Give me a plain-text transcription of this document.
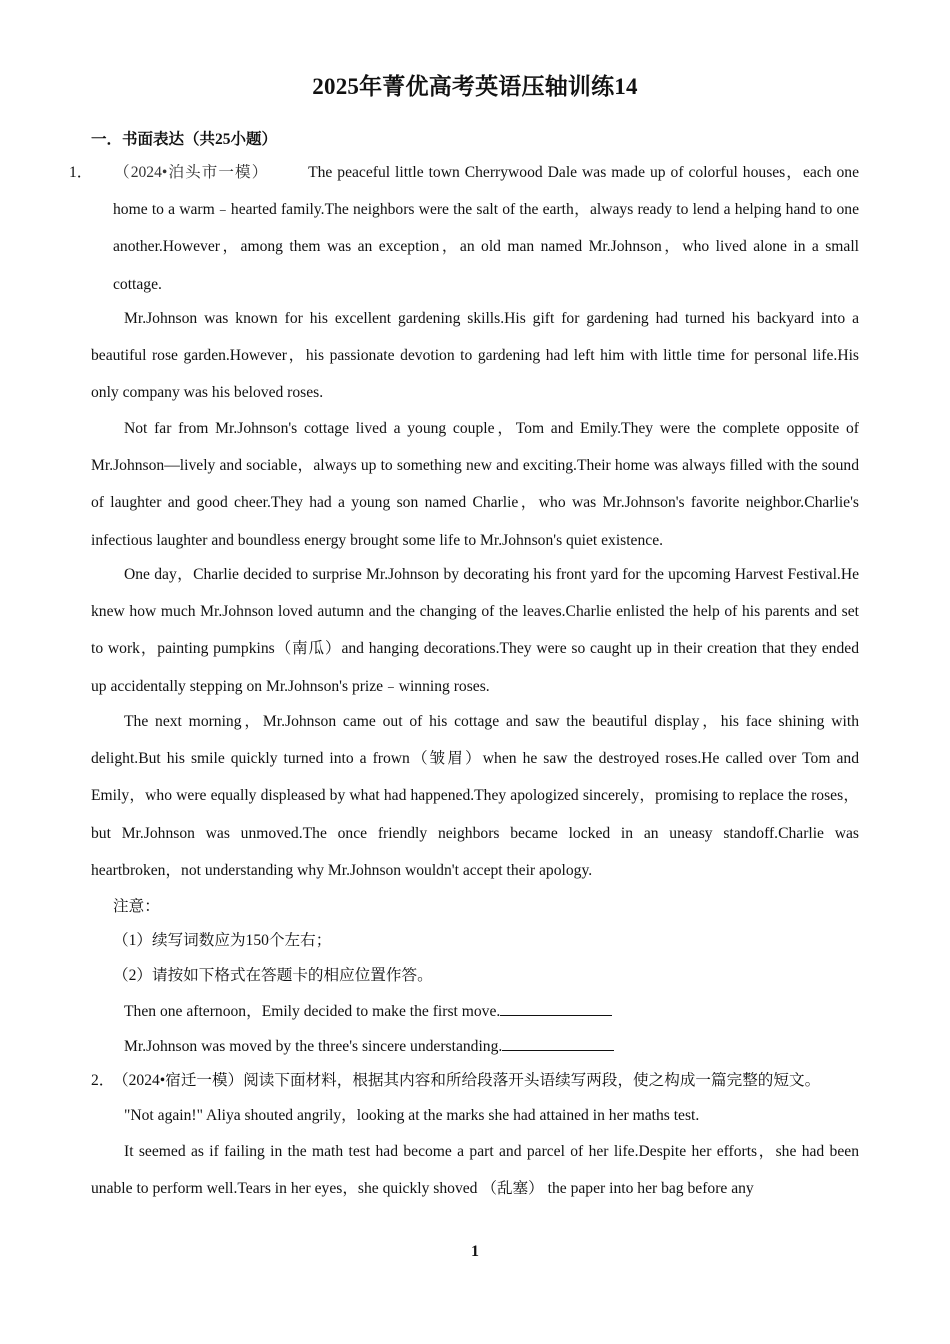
2025年菁优高考英语压轴训练14
一．书面表达（共25小题）
1． （2024•泊头市一模）	The peaceful little town Cherrywood Dale was made up of colorful houses，each one home to a warm﹣hearted family.The neighbors were the salt of the earth，always ready to lend a helping hand to one another.However，among them was an exception，an old man named Mr.Johnson，who lived alone in a small cottage.
Mr.Johnson was known for his excellent gardening skills.His gift for gardening had turned his backyard into a beautiful rose garden.However，his passionate devotion to gardening had left him with little time for personal life.His only company was his beloved roses.
Not far from Mr.Johnson's cottage lived a young couple，Tom and Emily.They were the complete opposite of Mr.Johnson—lively and sociable，always up to something new and exciting.Their home was always filled with the sound of laughter and good cheer.They had a young son named Charlie，who was Mr.Johnson's favorite neighbor.Charlie's infectious laughter and boundless energy brought some life to Mr.Johnson's quiet existence.
One day，Charlie decided to surprise Mr.Johnson by decorating his front yard for the upcoming Harvest Festival.He knew how much Mr.Johnson loved autumn and the changing of the leaves.Charlie enlisted the help of his parents and set to work，painting pumpkins（南瓜）and hanging decorations.They were so caught up in their creation that they ended up accidentally stepping on Mr.Johnson's prize﹣winning roses.
The next morning，Mr.Johnson came out of his cottage and saw the beautiful display，his face shining with delight.But his smile quickly turned into a frown（皱眉）when he saw the destroyed roses.He called over Tom and Emily，who were equally displeased by what had happened.They apologized sincerely，promising to replace the roses，but Mr.Johnson was unmoved.The once friendly neighbors became locked in an uneasy standoff.Charlie was heartbroken，not understanding why Mr.Johnson wouldn't accept their apology.
注意：
（1）续写词数应为150个左右；
（2）请按如下格式在答题卡的相应位置作答。
Then one afternoon，Emily decided to make the first move.
Mr.Johnson was moved by the three's sincere understanding.
2．（2024•宿迁一模）阅读下面材料，根据其内容和所给段落开头语续写两段，使之构成一篇完整的短文。
"Not again!" Aliya shouted angrily，looking at the marks she had attained in her maths test.
It seemed as if failing in the math test had become a part and parcel of her life.Despite her efforts，she had been unable to perform well.Tears in her eyes，she quickly shoved （乱塞） the paper into her bag before any
1
